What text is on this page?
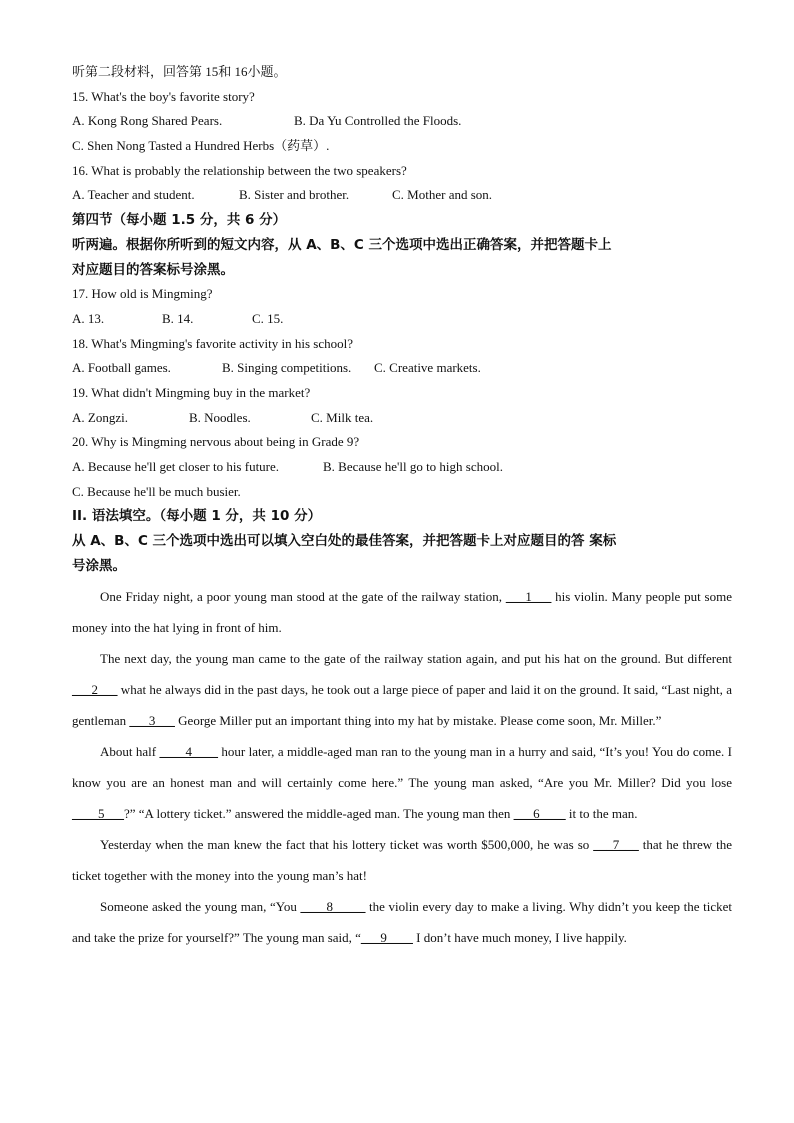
听第二段材料，回答第 15和 16小题。
15. What's the boy's favorite story?
A. Kong Rong Shared Pears.	B. Da Yu Controlled the Floods.
C. Shen Nong Tasted a Hundred Herbs（药草）.
16. What is probably the relationship between the two speakers?
A. Teacher and student.	B. Sister and brother.	C. Mother and son.
第四节（每小题 1.5 分，共 6 分）
听两遍。根据你所听到的短文内容，从 A、B、C 三个选项中选出正确答案，并把答题卡上
对应题目的答案标号涂黑。
17. How old is Mingming?
A. 13.	B. 14.	C. 15.
18. What's Mingming's favorite activity in his school?
A. Football games.	B. Singing competitions.	C. Creative markets.
19. What didn't Mingming buy in the market?
A. Zongzi.	B. Noodles.	C. Milk tea.
20. Why is Mingming nervous about being in Grade 9?
A. Because he'll get closer to his future.	B. Because he'll go to high school.
C. Because he'll be much busier.
II. 语法填空。（每小题 1 分，共 10 分）
从 A、B、C 三个选项中选出可以填入空白处的最佳答案，并把答题卡上对应题目的答 案标
号涂黑。

One Friday night, a poor young man stood at the gate of the railway station, ___1___ his violin. Many people put some money into the hat lying in front of him.

The next day, the young man came to the gate of the railway station again, and put his hat on the ground. But different ___2___ what he always did in the past days, he took out a large piece of paper and laid it on the ground. It said, “Last night, a gentleman ___3___ George Miller put an important thing into my hat by mistake. Please come soon, Mr. Miller.”

About half ____4____ hour later, a middle-aged man ran to the young man in a hurry and said, “It’s you! You do come. I know you are an honest man and will certainly come here.” The young man asked, “Are you Mr. Miller? Did you lose ____5___?” “A lottery ticket.” answered the middle-aged man. The young man then ___6____ it to the man.

Yesterday when the man knew the fact that his lottery ticket was worth $500,000, he was so ___7___ that he threw the ticket together with the money into the young man’s hat!

Someone asked the young man, “You ____8_____ the violin every day to make a living. Why didn’t you keep the ticket and take the prize for yourself?” The young man said, “___9____ I don’t have much money, I live happily.
